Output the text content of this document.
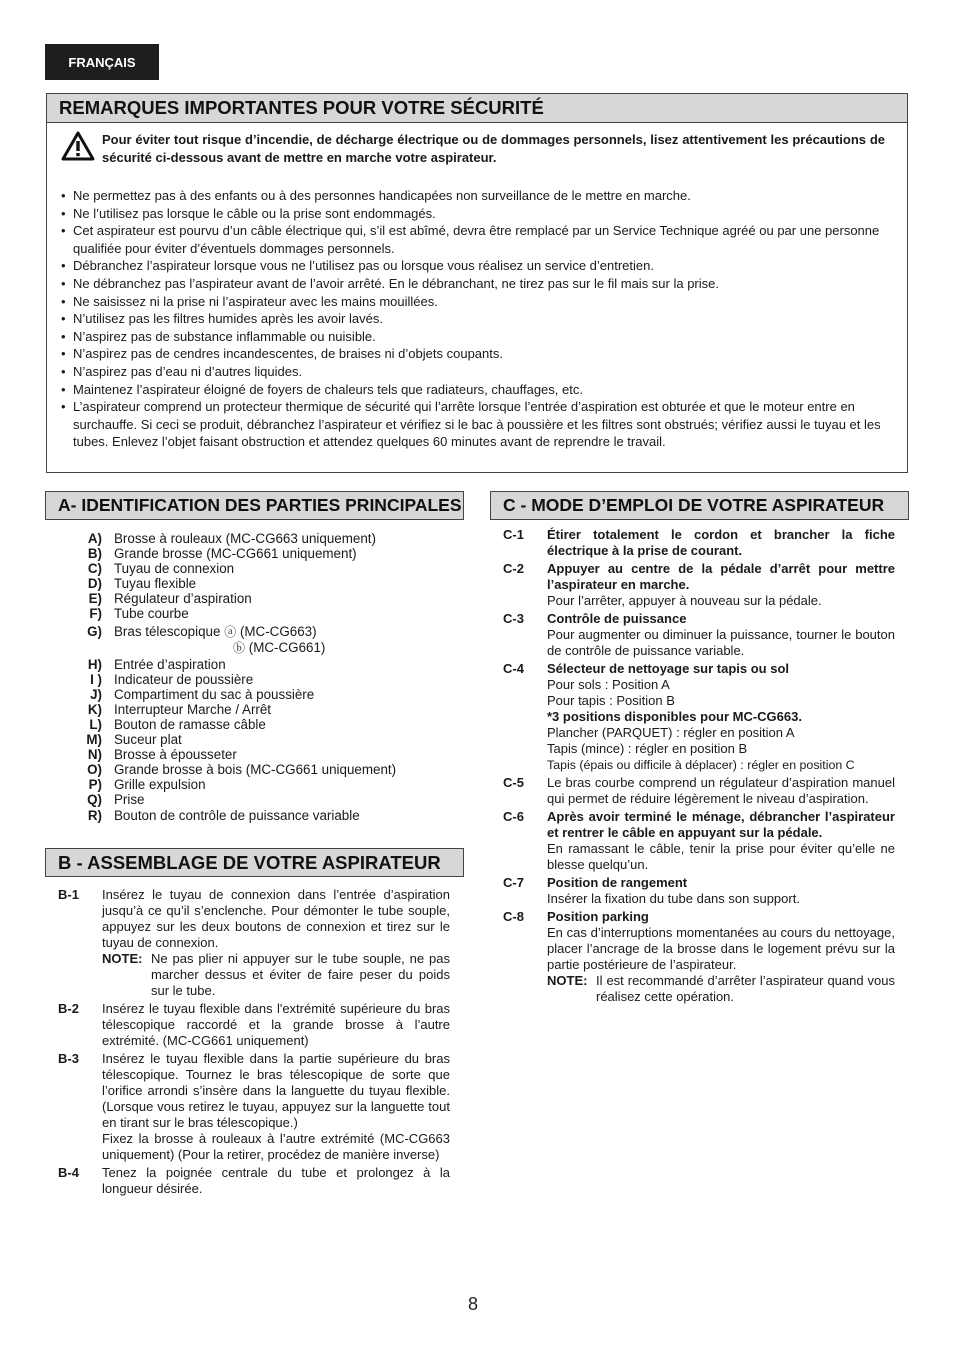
FRANÇAIS
REMARQUES IMPORTANTES POUR VOTRE SÉCURITÉ
Pour éviter tout risque d’incendie, de décharge électrique ou de dommages personnels, lisez attentivement les précautions de sécurité ci-dessous avant de mettre en marche votre aspirateur.
• Ne permettez pas à des enfants ou à des personnes handicapées non surveillance de le mettre en marche.
• Ne l’utilisez pas lorsque le câble ou la prise sont endommagés.
• Cet aspirateur est pourvu d’un câble électrique qui, s’il est abîmé, devra être remplacé par un Service Technique agréé ou par une personne qualifiée pour éviter d’éventuels dommages personnels.
• Débranchez l’aspirateur lorsque vous ne l’utilisez pas ou lorsque vous réalisez un service d’entretien.
• Ne débranchez pas l’aspirateur avant de l’avoir arrêté. En le débranchant, ne tirez pas sur le fil mais sur la prise.
• Ne saisissez ni la prise ni l’aspirateur avec les mains mouillées.
• N’utilisez pas les filtres humides après les avoir lavés.
• N’aspirez pas de substance inflammable ou nuisible.
• N’aspirez pas de cendres incandescentes, de braises ni d’objets coupants.
• N’aspirez pas d’eau ni d’autres liquides.
• Maintenez l’aspirateur éloigné de foyers de chaleurs tels que radiateurs, chauffages, etc.
• L’aspirateur comprend un protecteur thermique de sécurité qui l’arrête lorsque l’entrée d’aspiration est obturée et que le moteur entre en surchauffe. Si ceci se produit, débranchez l’aspirateur et vérifiez si le bac à poussière et les filtres sont obstrués; vérifiez aussi le tuyau et les tubes. Enlevez l’objet faisant obstruction et attendez quelques 60 minutes avant de reprendre le travail.
A- IDENTIFICATION DES PARTIES PRINCIPALES	C - MODE D’EMPLOI DE VOTRE ASPIRATEUR
A) Brosse à rouleaux (MC-CG663 uniquement)
B) Grande brosse (MC-CG661 uniquement)
C) Tuyau de connexion
D) Tuyau flexible
E) Régulateur d’aspiration
F) Tube courbe
G) Bras télescopique ⓐ (MC-CG663)
ⓑ (MC-CG661)
H) Entrée d’aspiration
I ) Indicateur de poussière
J) Compartiment du sac à poussière
K) Interrupteur Marche / Arrêt
L) Bouton de ramasse câble
M) Suceur plat
N) Brosse à épousseter
O) Grande brosse à bois (MC-CG661 uniquement)
P) Grille expulsion
Q) Prise
R) Bouton de contrôle de puissance variable
B - ASSEMBLAGE DE VOTRE ASPIRATEUR
B-1	Insérez le tuyau de connexion dans l’entrée d’aspiration jusqu’à ce qu’il s’enclenche. Pour démonter le tube souple, appuyez sur les deux boutons de connexion et tirez sur le tuyau de connexion.

NOTE: Ne pas plier ni appuyer sur le tube souple, ne pas marcher dessus et éviter de faire peser du poids sur le tube.
B-2	Insérez le tuyau flexible dans l'extrémité supérieure du bras télescopique raccordé et la grande brosse à l’autre extrémité. (MC-CG661 uniquement)

B-3	Insérez le tuyau flexible dans la partie supérieure du bras télescopique. Tournez le bras télescopique de sorte que l’orifice arrondi s’insère dans la languette du tuyau flexible. (Lorsque vous retirez le tuyau, appuyez sur la languette tout en tirant sur le bras télescopique.)

Fixez la brosse à rouleaux à l’autre extrémité (MC-CG663 uniquement) (Pour la retirer, procédez de manière inverse)

B-4	Tenez la poignée centrale du tube et prolongez à la longueur désirée.

C-1	Étirer totalement le cordon et brancher la fiche électrique à la prise de courant.

C-2	Appuyer au centre de la pédale d’arrêt pour mettre l’aspirateur en marche.

Pour l’arrêter, appuyer à nouveau sur la pédale.

C-3	Contrôle de puissance

Pour augmenter ou diminuer la puissance, tourner le bouton de contrôle de puissance variable.

C-4	Sélecteur de nettoyage sur tapis ou sol

Pour sols : Position A

Pour tapis : Position B

*3 positions disponibles pour MC-CG663.

Plancher (PARQUET) : régler en position A

Tapis (mince) : régler en position B

Tapis (épais ou difficile à déplacer) : régler en position C

C-5	Le bras courbe comprend un régulateur d’aspiration manuel qui permet de réduire légèrement le niveau d’aspiration.

C-6	Après avoir terminé le ménage, débrancher l’aspirateur et rentrer le câble en appuyant sur la pédale.

En ramassant le câble, tenir la prise pour éviter qu’elle ne blesse quelqu’un.

C-7	Position de rangement

Insérer la fixation du tube dans son support.

C-8	Position parking

En cas d’interruptions momentanées au cours du nettoyage, placer l’ancrage de la brosse dans le logement prévu sur la partie postérieure de l’aspirateur.

NOTE: Il est recommandé d’arrêter l’aspirateur quand vous réalisez cette opération.
8
